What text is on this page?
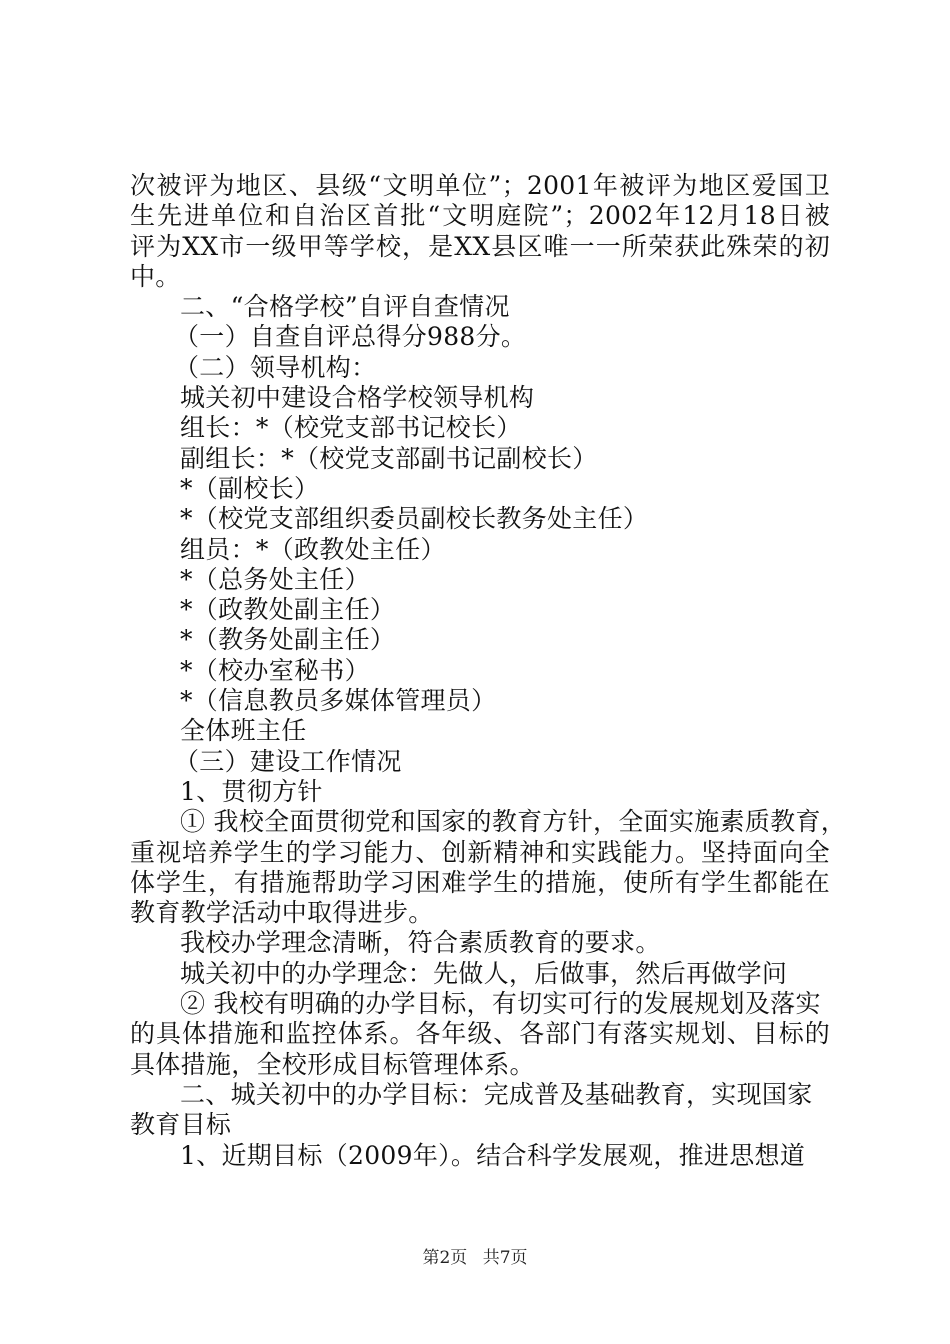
次被评为地区、县级“文明单位”；2001年被评为地区爱国卫
生先进单位和自治区首批“文明庭院”；2002年12月18日被
评为XX市一级甲等学校，是XX县区唯一一所荣获此殊荣的初
中。
二、“合格学校”自评自查情况
（一）自查自评总得分988分。
（二）领导机构：
城关初中建设合格学校领导机构
组长：*（校党支部书记校长）
副组长：*（校党支部副书记副校长）
*（副校长）
*（校党支部组织委员副校长教务处主任）
组员：*（政教处主任）
*（总务处主任）
*（政教处副主任）
*（教务处副主任）
*（校办室秘书）
*（信息教员多媒体管理员）
全体班主任
（三）建设工作情况
1、贯彻方针
① 我校全面贯彻党和国家的教育方针，全面实施素质教育，
重视培养学生的学习能力、创新精神和实践能力。坚持面向全
体学生，有措施帮助学习困难学生的措施，使所有学生都能在
教育教学活动中取得进步。
我校办学理念清晰，符合素质教育的要求。
城关初中的办学理念：先做人，后做事，然后再做学问
② 我校有明确的办学目标，有切实可行的发展规划及落实
的具体措施和监控体系。各年级、各部门有落实规划、目标的
具体措施，全校形成目标管理体系。
二、城关初中的办学目标：完成普及基础教育，实现国家
教育目标
1、近期目标（2009年）。结合科学发展观，推进思想道
第2页 共7页
